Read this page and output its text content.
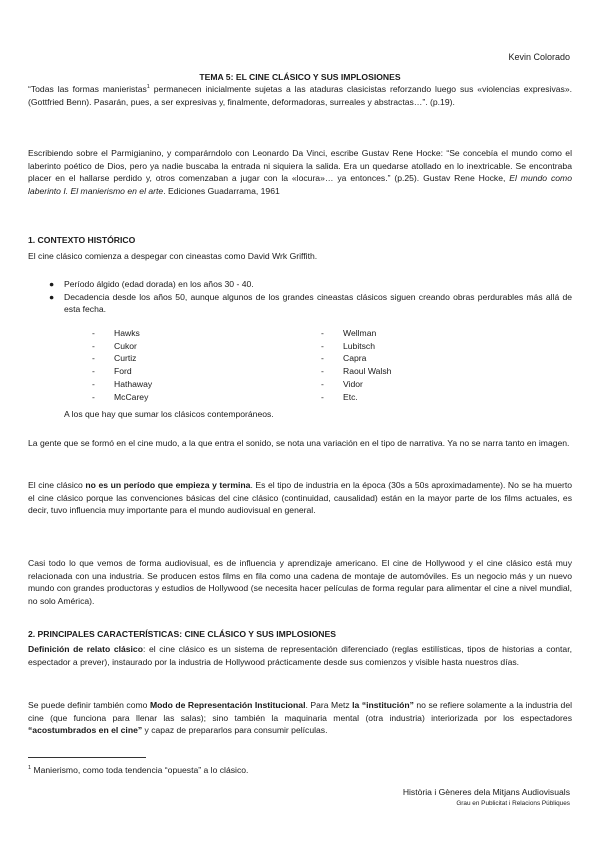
Kevin Colorado
TEMA 5: EL CINE CLÁSICO Y SUS IMPLOSIONES

“Todas las formas manieristas$^1$ permanecen inicialmente sujetas a las ataduras clasicistas reforzando luego sus «violencias expresivas». (Gottfried Benn). Pasarán, pues, a ser expresivas y, finalmente, deformadoras, surreales y abstractas…”. (p.19).

Escribiendo sobre el Parmigianino, y comparárndolo con Leonardo Da Vinci, escribe Gustav Rene Hocke: “Se concebía el mundo como el laberinto poético de Dios, pero ya nadie buscaba la entrada ni siquiera la salida. Era un quedarse atollado en lo inextricable. Se encontraba placer en el hallarse perdido y, otros comenzaban a jugar con la «locura»… ya entonces.” (p.25). Gustav Rene Hocke, El mundo como laberinto I. El manierismo en el arte. Ediciones Guadarrama, 1961

1. CONTEXTO HISTÓRICO

El cine clásico comienza a despegar con cineastas como David Wrk Griffith.

● Período álgido (edad dorada) en los años 30 - 40.
● Decadencia desde los años 50, aunque algunos de los grandes cineastas clásicos siguen creando obras perdurables más allá de esta fecha.
- Hawks
- Cukor
- Curtiz
- Ford
- Hathaway
- McCarey
- Wellman
- Lubitsch
- Capra
- Raoul Walsh
- Vidor
- Etc.

A los que hay que sumar los clásicos contemporáneos.

La gente que se formó en el cine mudo, a la que entra el sonido, se nota una variación en el tipo de narrativa. Ya no se narra tanto en imagen.

El cine clásico no es un período que empieza y termina. Es el tipo de industria en la época (30s a 50s aproximadamente). No se ha muerto el cine clásico porque las convenciones básicas del cine clásico (continuidad, causalidad) están en la mayor parte de los films actuales, es decir, tuvo influencia muy importante para el mundo audiovisual en general.

Casi todo lo que vemos de forma audiovisual, es de influencia y aprendizaje americano. El cine de Hollywood y el cine clásico está muy relacionada con una industria. Se producen estos films en fila como una cadena de montaje de automóviles. Es un negocio más y un nuevo mundo con grandes productoras y estudios de Hollywood (se necesita hacer películas de forma regular para alimentar el cine a nivel mundial, no solo América).

2. PRINCIPALES CARACTERÍSTICAS: CINE CLÁSICO Y SUS IMPLOSIONES

Definición de relato clásico: el cine clásico es un sistema de representación diferenciado (reglas estilísticas, tipos de historias a contar, espectador a prever), instaurado por la industria de Hollywood prácticamente desde sus comienzos y visible hasta nuestros días.

Se puede definir también como Modo de Representación Institucional. Para Metz la “institución” no se refiere solamente a la industria del cine (que funciona para llenar las salas); sino también la maquinaria mental (otra industria) interiorizada por los espectadores “acostumbrados en el cine” y capaz de prepararlos para consumir películas.

$^1$ Manierismo, como toda tendencia “opuesta” a lo clásico.
Història i Gèneres dela Mitjans Audiovisuals
Grau en Publicitat i Relacions Públiques
